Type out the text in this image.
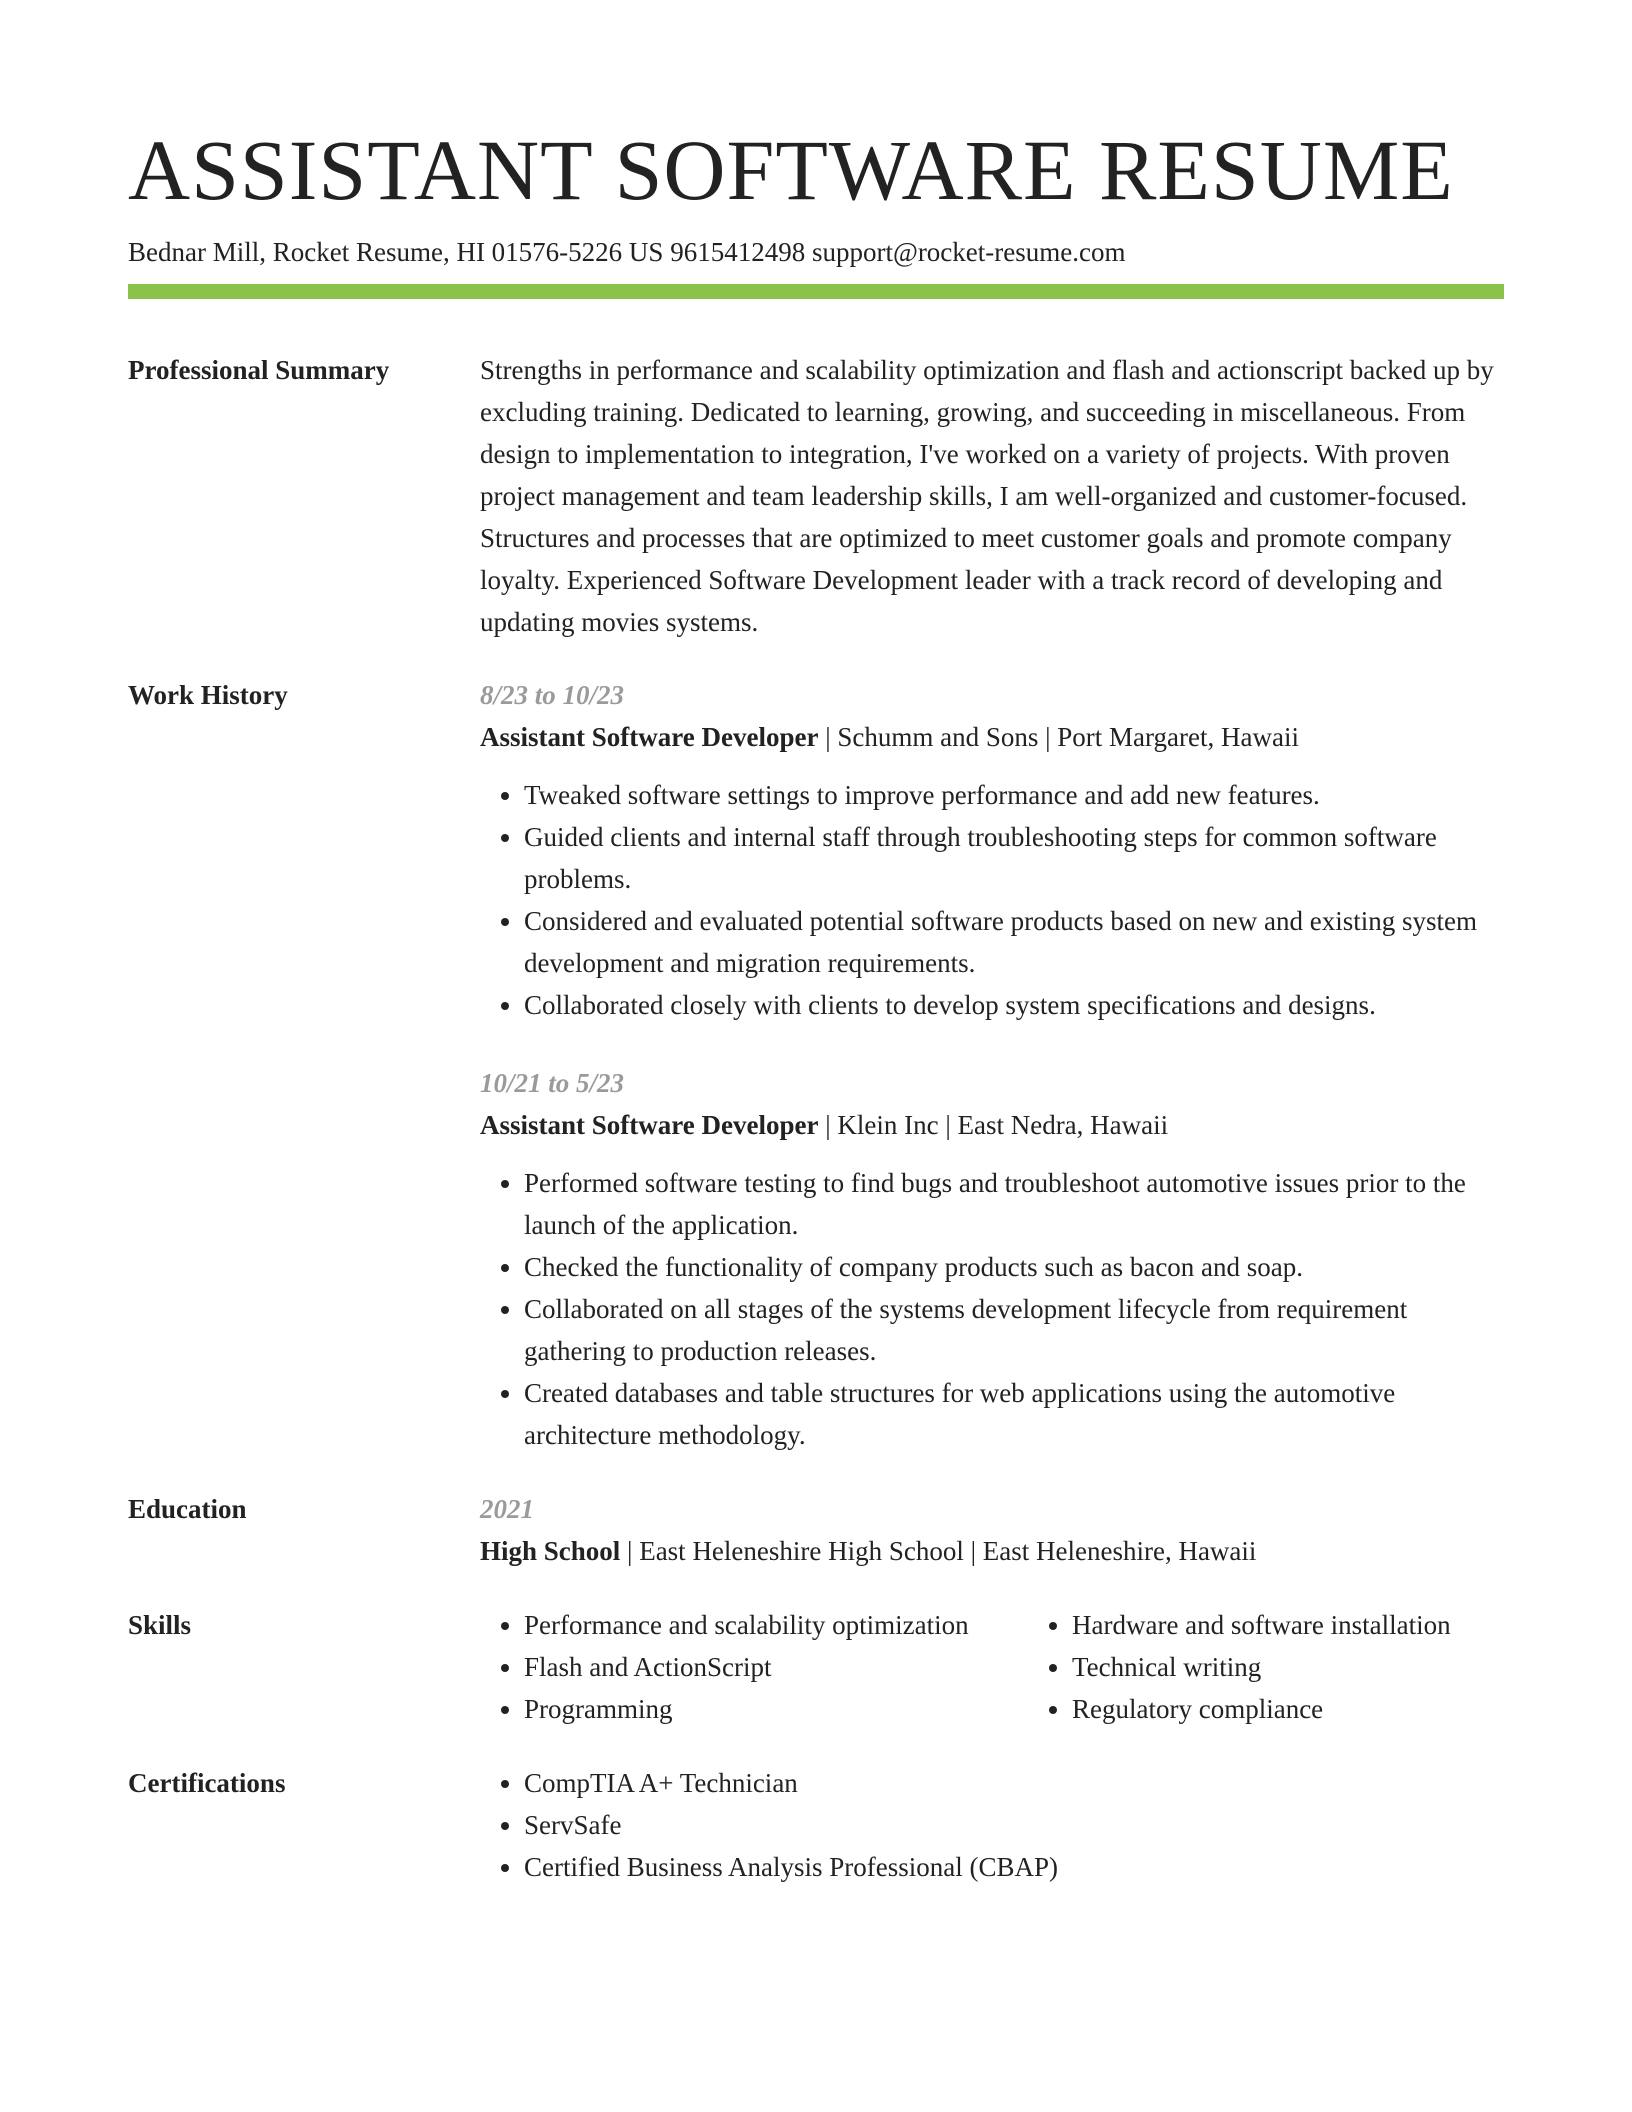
ASSISTANT SOFTWARE RESUME
Bednar Mill, Rocket Resume, HI 01576-5226 US 9615412498 support@rocket-resume.com
Professional Summary	Strengths in performance and scalability optimization and flash and actionscript backed up by excluding training. Dedicated to learning, growing, and succeeding in miscellaneous. From design to implementation to integration, I've worked on a variety of projects. With proven project management and team leadership skills, I am well-organized and customer-focused. Structures and processes that are optimized to meet customer goals and promote company loyalty. Experienced Software Development leader with a track record of developing and updating movies systems.
Work History	8/23 to 10/23
Assistant Software Developer | Schumm and Sons | Port Margaret, Hawaii
• Tweaked software settings to improve performance and add new features.
• Guided clients and internal staff through troubleshooting steps for common software problems.
• Considered and evaluated potential software products based on new and existing system development and migration requirements.
• Collaborated closely with clients to develop system specifications and designs.
10/21 to 5/23
Assistant Software Developer | Klein Inc | East Nedra, Hawaii
• Performed software testing to find bugs and troubleshoot automotive issues prior to the launch of the application.
• Checked the functionality of company products such as bacon and soap.
• Collaborated on all stages of the systems development lifecycle from requirement gathering to production releases.
• Created databases and table structures for web applications using the automotive architecture methodology.
Education	2021
High School | East Heleneshire High School | East Heleneshire, Hawaii
Skills	• Performance and scalability optimization
• Flash and ActionScript
• Programming
• Hardware and software installation
• Technical writing
• Regulatory compliance
Certifications	• CompTIA A+ Technician
• ServSafe
• Certified Business Analysis Professional (CBAP)
